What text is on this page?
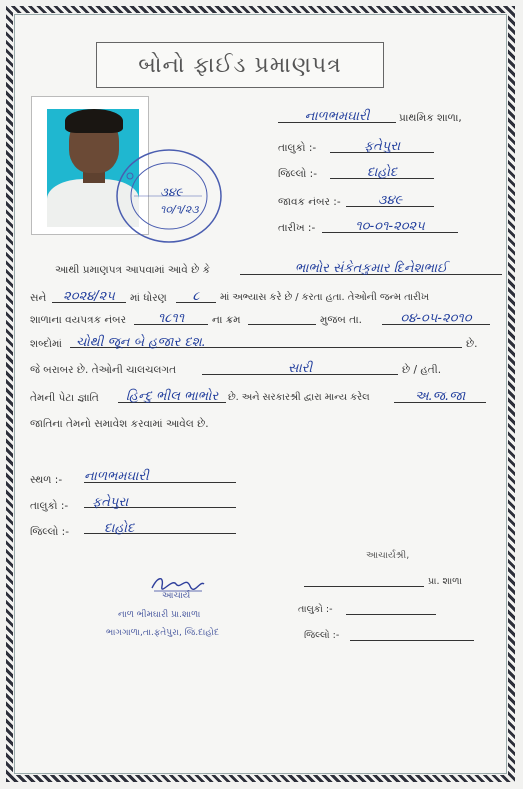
બોનો ફાઈડ પ્રમાણપત્ર
૩૪૯
૧૦/૧/૨૩
નાળભમઘારી	પ્રાથમિક શાળા,
તાલુકો :-	ફતેપુરા
જિલ્લો :-	દાહોદ
જાવક નંબર :-	૩૪૯
તારીખ :-	૧૦-૦૧-૨૦૨૫
આથી પ્રમાણપત્ર આપવામાં આવે છે કે	ભાભોર સંકેતકુમાર દિનેશભાઈ
સને	૨૦૨૪/૨૫	માં ધોરણ	૮	માં અભ્યાસ કરે છે / કરતા હતા. તેઓની જન્મ તારીખ
શાળાના વયપત્રક નંબર	૧૮૧૧	ના ક્રમ	મુજબ તા.	૦૪-૦૫-૨૦૧૦
શબ્દોમાં	ચોથી જૂન બે હજાર દશ.	છે.
જે બરાબર છે. તેઓની ચાલચલગત	સારી	છે / હતી.
તેમની પેટા જ્ઞાતિ	હિન્દુ ભીલ ભાભોર	છે. અને સરકારશ્રી દ્વારા માન્ય કરેલ	અ.જ.જા
જાતિના તેમનો સમાવેશ કરવામાં આવેલ છે.
સ્થળ :- નાળભમઘારી
તાલુકો :-	ફતેપુરા
જિલ્લો :-	દાહોદ
આચાર્ય
નાળ ભીમઘારી પ્રા.શાળા
ભાગગાળા,તા.ફતેપુરા, જિ.દાહોદ
આચાર્યશ્રી,
પ્રા. શાળા
તાલુકો :-
જિલ્લો :-
